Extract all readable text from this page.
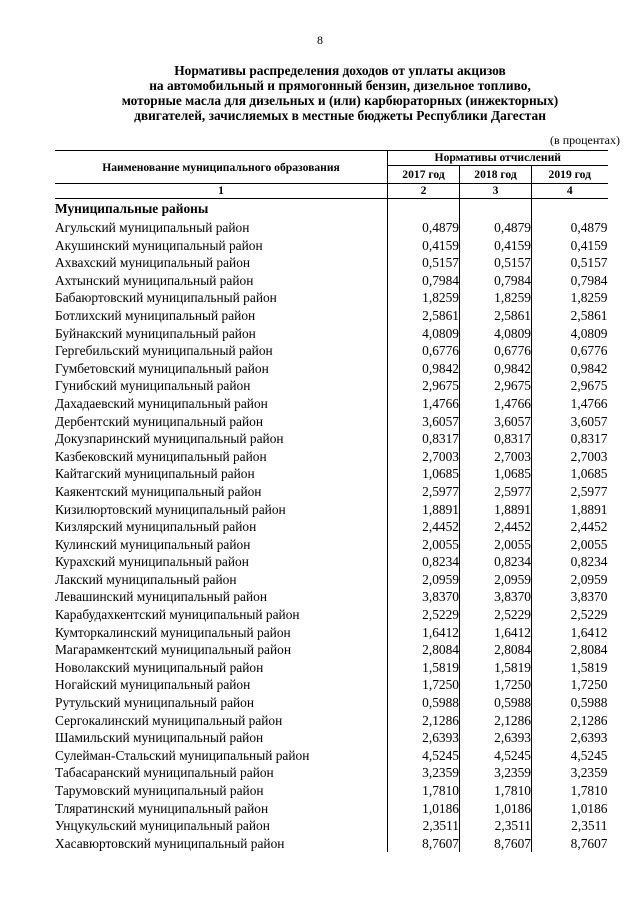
8
Нормативы распределения доходов от уплаты акцизов
на автомобильный и прямогонный бензин, дизельное топливо,
моторные масла для дизельных и (или) карбюраторных (инжекторных)
двигателей, зачисляемых в местные бюджеты Республики Дагестан
(в процентах)
Наименование муниципального образования	Нормативы отчислений		
	2017 год	2018 год	2019 год
1	2	3	4
Муниципальные районы			
Агульский муниципальный район	0,4879	0,4879	0,4879
Акушинский муниципальный район	0,4159	0,4159	0,4159
Ахвахский муниципальный район	0,5157	0,5157	0,5157
Ахтынский муниципальный район	0,7984	0,7984	0,7984
Бабаюртовский муниципальный район	1,8259	1,8259	1,8259
Ботлихский муниципальный район	2,5861	2,5861	2,5861
Буйнакский муниципальный район	4,0809	4,0809	4,0809
Гергебильский муниципальный район	0,6776	0,6776	0,6776
Гумбетовский муниципальный район	0,9842	0,9842	0,9842
Гунибский муниципальный район	2,9675	2,9675	2,9675
Дахадаевский муниципальный район	1,4766	1,4766	1,4766
Дербентский муниципальный район	3,6057	3,6057	3,6057
Докузпаринский муниципальный район	0,8317	0,8317	0,8317
Казбековский муниципальный район	2,7003	2,7003	2,7003
Кайтагский муниципальный район	1,0685	1,0685	1,0685
Каякентский муниципальный район	2,5977	2,5977	2,5977
Кизилюртовский муниципальный район	1,8891	1,8891	1,8891
Кизлярский муниципальный район	2,4452	2,4452	2,4452
Кулинский муниципальный район	2,0055	2,0055	2,0055
Курахский муниципальный район	0,8234	0,8234	0,8234
Лакский муниципальный район	2,0959	2,0959	2,0959
Левашинский муниципальный район	3,8370	3,8370	3,8370
Карабудахкентский муниципальный район	2,5229	2,5229	2,5229
Кумторкалинский муниципальный район	1,6412	1,6412	1,6412
Магарамкентский муниципальный район	2,8084	2,8084	2,8084
Новолакский муниципальный район	1,5819	1,5819	1,5819
Ногайский муниципальный район	1,7250	1,7250	1,7250
Рутульский муниципальный район	0,5988	0,5988	0,5988
Сергокалинский муниципальный район	2,1286	2,1286	2,1286
Шамильский муниципальный район	2,6393	2,6393	2,6393
Сулейман-Стальский муниципальный район	4,5245	4,5245	4,5245
Табасаранский муниципальный район	3,2359	3,2359	3,2359
Тарумовский муниципальный район	1,7810	1,7810	1,7810
Тляратинский муниципальный район	1,0186	1,0186	1,0186
Унцукульский муниципальный район	2,3511	2,3511	2,3511
Хасавюртовский муниципальный район	8,7607	8,7607	8,7607
